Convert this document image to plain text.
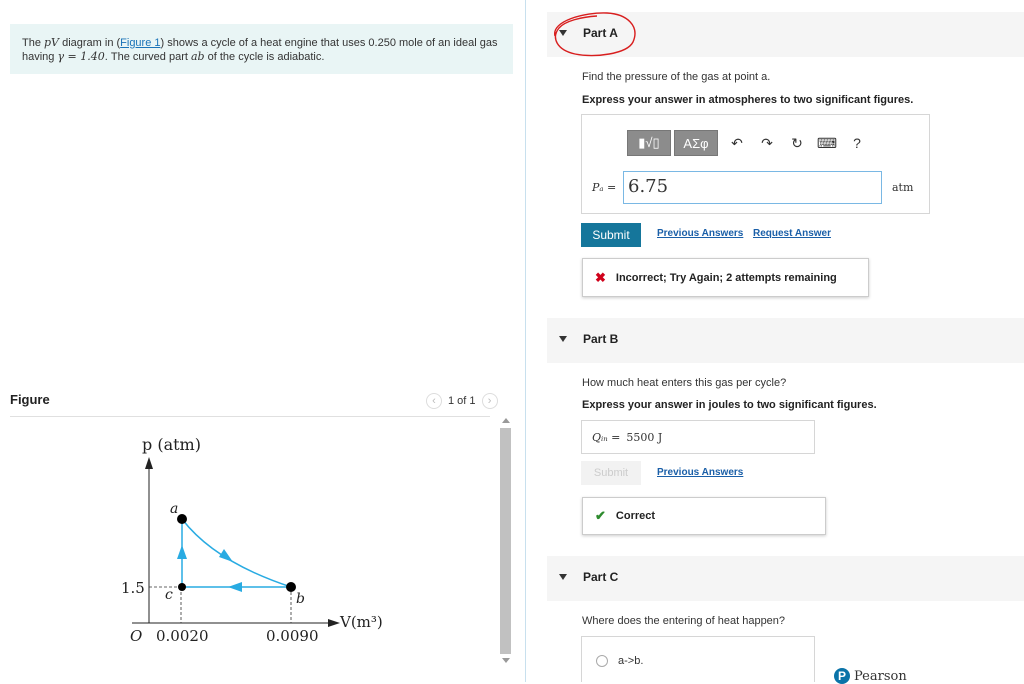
The pV diagram in (Figure 1) shows a cycle of a heat engine that uses 0.250 mole of an ideal gas
having γ = 1.40. The curved part ab of the cycle is adiabatic.
Figure	‹	1 of 1	›
p (atm)
V(m³)
O
1.5
0.0020	0.0090
a
b
c
Part A
Find the pressure of the gas at point a.
Express your answer in atmospheres to two significant figures.
▮√▯	ΑΣφ	↶	↷	↻	⌨	?
Pₐ = 6.75	atm
Submit	Previous Answers Request Answer
✖ Incorrect; Try Again; 2 attempts remaining
Part B
How much heat enters this gas per cycle?
Express your answer in joules to two significant figures.
Qᵢₙ = 5500 J
Submit	Previous Answers
✔ Correct
Part C
Where does the entering of heat happen?
a->b.
P Pearson
